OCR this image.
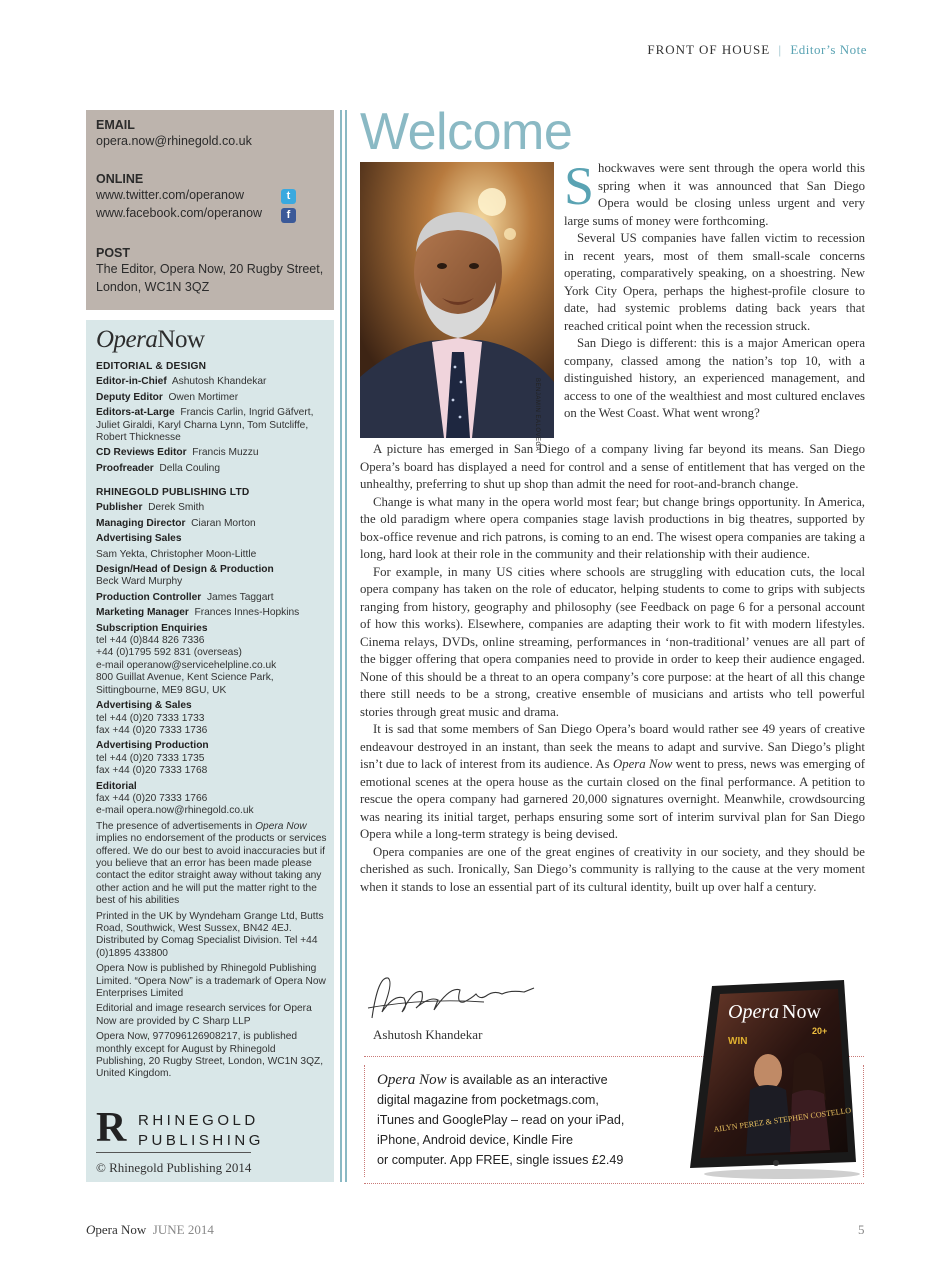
FRONT OF HOUSE | Editor’s Note
EMAIL
opera.now@rhinegold.co.uk
ONLINE
www.twitter.com/operanow	t
www.facebook.com/operanow	f
POST
The Editor, Opera Now, 20 Rugby Street,
London, WC1N 3QZ
OperaNow
EDITORIAL & DESIGN
Editor-in-Chief Ashutosh Khandekar
Deputy Editor Owen Mortimer
Editors-at-Large Francis Carlin, Ingrid Gäfvert, Juliet Giraldi, Karyl Charna Lynn, Tom Sutcliffe, Robert Thicknesse
CD Reviews Editor Francis Muzzu
Proofreader Della Couling
RHINEGOLD PUBLISHING LTD
Publisher Derek Smith
Managing Director Ciaran Morton
Advertising Sales
Sam Yekta, Christopher Moon-Little
Design/Head of Design & Production
Beck Ward Murphy
Production Controller James Taggart
Marketing Manager Frances Innes-Hopkins
Subscription Enquiries
tel +44 (0)844 826 7336
+44 (0)1795 592 831 (overseas)
e-mail operanow@servicehelpline.co.uk
800 Guillat Avenue, Kent Science Park,
Sittingbourne, ME9 8GU, UK
Advertising & Sales
tel +44 (0)20 7333 1733
fax +44 (0)20 7333 1736
Advertising Production
tel +44 (0)20 7333 1735
fax +44 (0)20 7333 1768
Editorial
fax +44 (0)20 7333 1766
e-mail opera.now@rhinegold.co.uk
The presence of advertisements in Opera Now implies no endorsement of the products or services offered. We do our best to avoid inaccuracies but if you believe that an error has been made please contact the editor straight away without taking any other action and he will put the matter right to the best of his abilities
Printed in the UK by Wyndeham Grange Ltd, Butts Road, Southwick, West Sussex, BN42 4EJ. Distributed by Comag Specialist Division. Tel +44 (0)1895 433800
Opera Now is published by Rhinegold Publishing Limited. “Opera Now” is a trademark of Opera Now Enterprises Limited
Editorial and image research services for Opera Now are provided by C Sharp LLP
Opera Now, 977096126908217, is published monthly except for August by Rhinegold Publishing, 20 Rugby Street, London, WC1N 3QZ, United Kingdom.
R RHINEGOLD
PUBLISHING
© Rhinegold Publishing 2014
Welcome
BENJAMIN EALOVEGA

Shockwaves were sent through the opera world this spring when it was announced that San Diego Opera would be closing unless urgent and very large sums of money were forthcoming.

Several US companies have fallen victim to recession in recent years, most of them small-scale concerns operating, comparatively speaking, on a shoestring. New York City Opera, perhaps the highest-profile closure to date, had systemic problems dating back years that reached critical point when the recession struck.

San Diego is different: this is a major American opera company, classed among the nation’s top 10, with a distinguished history, an experienced management, and access to one of the wealthiest and most cultured enclaves on the West Coast. What went wrong?

A picture has emerged in San Diego of a company living far beyond its means. San Diego Opera’s board has displayed a need for control and a sense of entitlement that has verged on the unhealthy, preferring to shut up shop than admit the need for root-and-branch change.

Change is what many in the opera world most fear; but change brings opportunity. In America, the old paradigm where opera companies stage lavish productions in big theatres, supported by box-office revenue and rich patrons, is coming to an end. The wisest opera companies are taking a long, hard look at their role in the community and their relationship with their audience.

For example, in many US cities where schools are struggling with education cuts, the local opera company has taken on the role of educator, helping students to come to grips with subjects ranging from history, geography and philosophy (see Feedback on page 6 for a personal account of how this works). Elsewhere, companies are adapting their work to fit with modern lifestyles. Cinema relays, DVDs, online streaming, performances in ‘non-traditional’ venues are all part of the bigger offering that opera companies need to provide in order to keep their audience engaged. None of this should be a threat to an opera company’s core purpose: at the heart of all this change there still needs to be a strong, creative ensemble of musicians and artists who tell powerful stories through great music and drama.

It is sad that some members of San Diego Opera’s board would rather see 49 years of creative endeavour destroyed in an instant, than seek the means to adapt and survive. San Diego’s plight isn’t due to lack of interest from its audience. As Opera Now went to press, news was emerging of emotional scenes at the opera house as the curtain closed on the final performance. A petition to rescue the opera company had garnered 20,000 signatures overnight. Meanwhile, crowdsourcing was nearing its initial target, perhaps ensuring some sort of interim survival plan for San Diego Opera while a long-term strategy is being devised.

Opera companies are one of the great engines of creativity in our society, and they should be cherished as such. Ironically, San Diego’s community is rallying to the cause at the very moment when it stands to lose an essential part of its cultural identity, built up over half a century.

Ashutosh Khandekar
Opera Now is available as an interactive
digital magazine from pocketmags.com,
iTunes and GooglePlay – read on your iPad,
iPhone, Android device, Kindle Fire
or computer. App FREE, single issues £2.49
Opera Now
20+
WIN
AILYN PEREZ & STEPHEN COSTELLO
Opera Now JUNE 2014	5
